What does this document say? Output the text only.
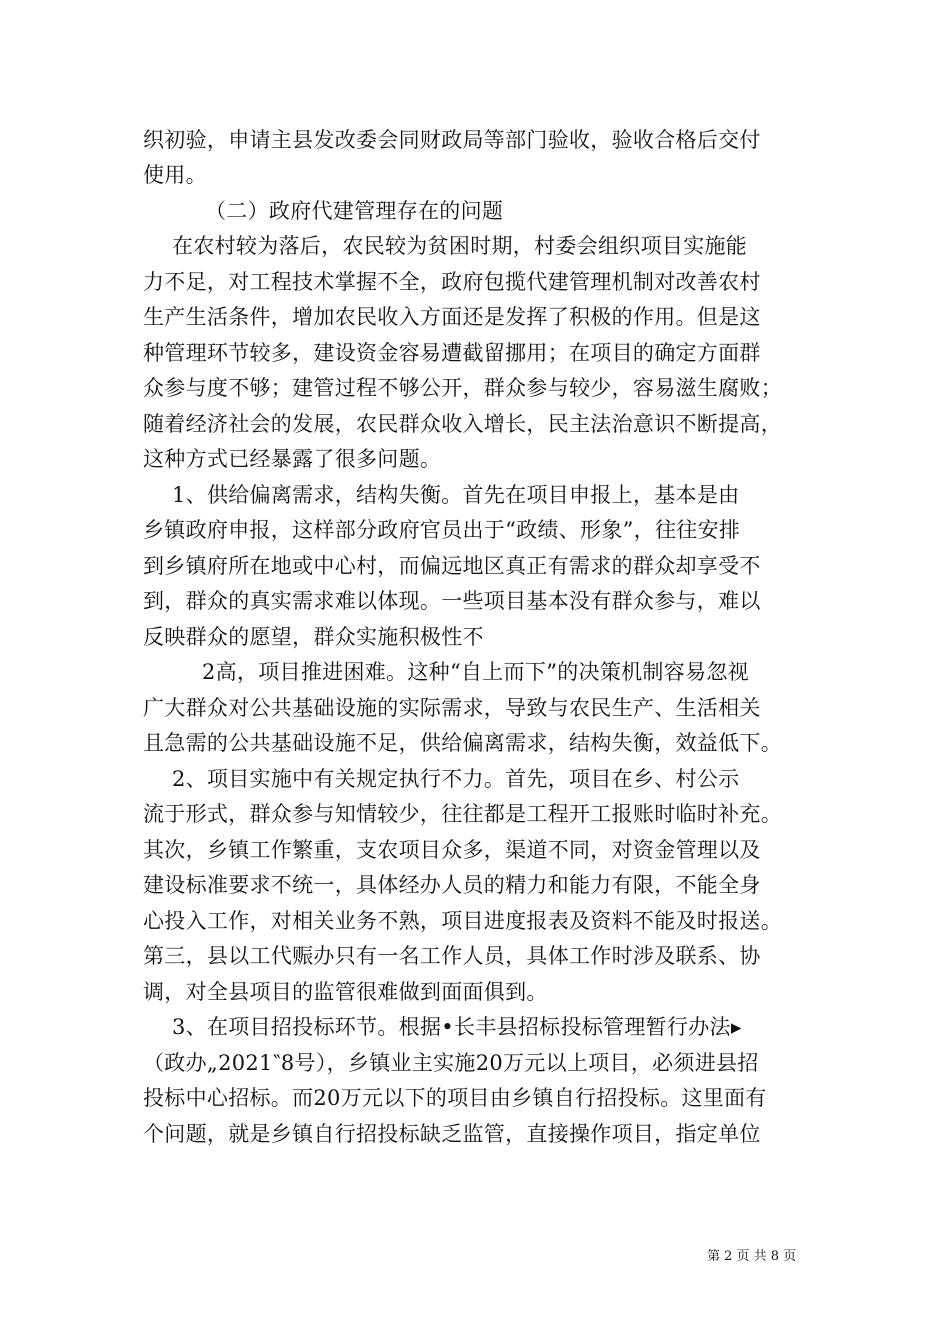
织初验，申请主县发改委会同财政局等部门验收，验收合格后交付
使用。
（二）政府代建管理存在的问题
在农村较为落后，农民较为贫困时期，村委会组织项目实施能
力不足，对工程技术掌握不全，政府包揽代建管理机制对改善农村
生产生活条件，增加农民收入方面还是发挥了积极的作用。但是这
种管理环节较多，建设资金容易遭截留挪用；在项目的确定方面群
众参与度不够；建管过程不够公开，群众参与较少，容易滋生腐败；
随着经济社会的发展，农民群众收入增长，民主法治意识不断提高，
这种方式已经暴露了很多问题。
1、供给偏离需求，结构失衡。首先在项目申报上，基本是由
乡镇政府申报，这样部分政府官员出于“政绩、形象”，往往安排
到乡镇府所在地或中心村，而偏远地区真正有需求的群众却享受不
到，群众的真实需求难以体现。一些项目基本没有群众参与，难以
反映群众的愿望，群众实施积极性不
2高，项目推进困难。这种“自上而下”的决策机制容易忽视
广大群众对公共基础设施的实际需求，导致与农民生产、生活相关
且急需的公共基础设施不足，供给偏离需求，结构失衡，效益低下。
2、项目实施中有关规定执行不力。首先，项目在乡、村公示
流于形式，群众参与知情较少，往往都是工程开工报账时临时补充。
其次，乡镇工作繁重，支农项目众多，渠道不同，对资金管理以及
建设标准要求不统一，具体经办人员的精力和能力有限，不能全身
心投入工作，对相关业务不熟，项目进度报表及资料不能及时报送。
第三，县以工代赈办只有一名工作人员，具体工作时涉及联系、协
调，对全县项目的监管很难做到面面俱到。
3、在项目招投标环节。根据•长丰县招标投标管理暂行办法▸
（政办„2021‶8号），乡镇业主实施20万元以上项目，必须进县招
投标中心招标。而20万元以下的项目由乡镇自行招投标。这里面有
个问题，就是乡镇自行招投标缺乏监管，直接操作项目，指定单位
第 2 页 共 8 页
